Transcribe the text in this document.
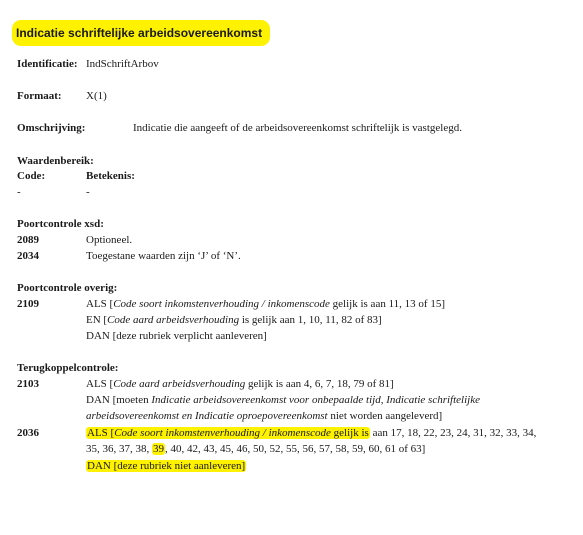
Indicatie schriftelijke arbeidsovereenkomst
Identificatie: IndSchriftArbov
Formaat: X(1)
Omschrijving:	Indicatie die aangeeft of de arbeidsovereenkomst schriftelijk is vastgelegd.
Waardenbereik:
Code:	Betekenis:
-	-
Poortcontrole xsd:
2089	Optioneel.
2034	Toegestane waarden zijn ‘J’ of ‘N’.
Poortcontrole overig:
2109	ALS [Code soort inkomstenverhouding / inkomenscode gelijk is aan 11, 13 of 15]
EN [Code aard arbeidsverhouding is gelijk aan 1, 10, 11, 82 of 83]
DAN [deze rubriek verplicht aanleveren]
Terugkoppelcontrole:
2103	ALS [Code aard arbeidsverhouding gelijk is aan 4, 6, 7, 18, 79 of 81]
DAN [moeten Indicatie arbeidsovereenkomst voor onbepaalde tijd, Indicatie schriftelijke
arbeidsovereenkomst en Indicatie oproepovereenkomst niet worden aangeleverd]
2036	ALS [Code soort inkomstenverhouding / inkomenscode gelijk is aan 17, 18, 22, 23, 24, 31, 32, 33, 34,
35, 36, 37, 38, 39, 40, 42, 43, 45, 46, 50, 52, 55, 56, 57, 58, 59, 60, 61 of 63]
DAN [deze rubriek niet aanleveren]
